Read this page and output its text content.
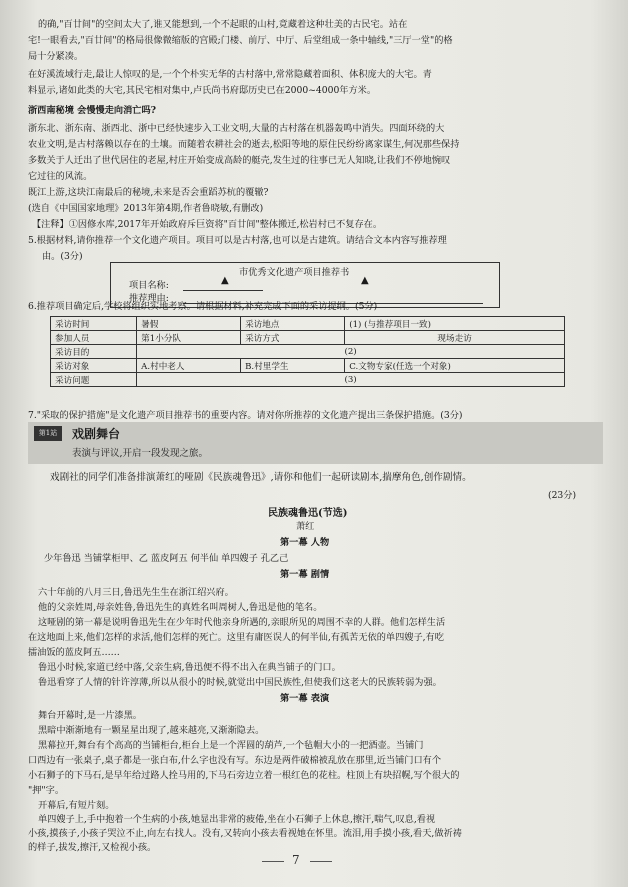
的确,"百廿间"的空间太大了,谁又能想到,一个不起眼的山村,竟藏着这种壮美的古民宅。站在
宅!一眼看去,"百廿间"的格局很像微缩版的宫殿;门楼、前厅、中厅、后堂组成一条中轴线,"三厅一堂"的格
局十分紧凑。
在好溪流域行走,最让人惊叹的是,一个个朴实无华的古村落中,常常隐藏着面积、体积庞大的大宅。青
料显示,诸如此类的大宅,其民宅相对集中,卢氏尚书府邸历史已在2000~4000年方米。
浙西南秘境 会慢慢走向消亡吗?
浙东北、浙东南、浙西北、浙中已经快速步入工业文明,大量的古村落在机器轰鸣中消失。四面环绕的大
农业文明,是古村落赖以存在的土壤。而随着农耕社会的逝去,松阳等地的原住民纷纷离家谋生,何况那些保持
多数关于人迁出了世代居住的老屋,村庄开始变成高龄的艇壳,发生过的往事已无人知晓,让我们不停地惋叹
它过往的风流。
既江上游,这块江南最后的秘境,未来是否会重蹈苏杭的覆辙?
(选自《中国国家地理》2013年第4期,作者鲁晓敏,有删改)
【注释】①因修水库,2017年开始政府斥巨资将"百廿间"整体搬迁,松岩村已不复存在。
5.根据材料,请你推荐一个文化遗产项目。项目可以是古村落,也可以是古建筑。请结合文本内容写推荐理
由。(3分)
市优秀文化遗产项目推荐书
项目名称:
推荐理由:
▲	▲
6.推荐项目确定后,学校将组织实地考察。请根据材料,补充完成下面的采访提纲。(5分)
采访时间	暑假	采访地点	(1) (与推荐项目一致)
参加人员	第1小分队	采访方式	现场走访
采访目的	(2)		
采访对象	A.村中老人	B.村里学生	C.文物专家(任选一个对象)
采访问题	(3)		
7."采取的保护措施"是文化遗产项目推荐书的重要内容。请对你所推荐的文化遗产提出三条保护措施。(3分)
第1站	戏剧舞台
表演与评议,开启一段发现之旅。
戏剧社的同学们准备排演萧红的哑剧《民族魂鲁迅》,请你和他们一起研读剧本,揣摩角色,创作剧情。
(23分)
民族魂鲁迅(节选)
萧红
第一幕 人物
少年鲁迅 当铺掌柜甲、乙 蓝皮阿五 何半仙 单四嫂子 孔乙己
第一幕 剧情
六十年前的八月三日,鲁迅先生生在浙江绍兴府。
他的父亲姓周,母亲姓鲁,鲁迅先生的真姓名叫周树人,鲁迅是他的笔名。
这哑剧的第一幕是说明鲁迅先生在少年时代他亲身所遇的,亲眼所见的周围不幸的人群。他们怎样生活
在这地面上来,他们怎样的求活,他们怎样的死亡。这里有庸医误人的何半仙,有孤苦无依的单四嫂子,有吃
擂油饭的蓝皮阿五……
鲁迅小时候,家道已经中落,父亲生病,鲁迅便不得不出入在典当铺子的门口。
鲁迅看穿了人情的针许淳薄,所以从很小的时候,就觉出中国民族性,但使我们这老大的民族转弱为强。
第一幕 表演
舞台开幕时,是一片漆黑。
黑暗中渐渐地有一颗星星出现了,越来越亮,又渐渐隐去。
黑幕拉开,舞台有个高高的当铺柜台,柜台上是一个浑圆的葫芦,一个毡帽大小的一把酒壶。当铺门
口西边有一张桌子,桌子都是一张白布,什么字也没有写。东边是两件破棉被乱放在那里,近当铺门口有个
小石狮子的下马石,是早年给过路人拴马用的,下马石旁边立着一根红色的花柱。柱顶上有块招幌,写个很大的
"押"字。
开幕后,有短片刻。
单四嫂子上,手中抱着一个生病的小孩,她显出非常的疲倦,坐在小石狮子上休息,擦汗,喘气,叹息,看视
小孩,摸孩子,小孩子哭泣不止,向左右找人。没有,又转向小孩去看视她在怀里。流泪,用手摸小孩,看天,做祈祷
的样子,拔发,擦汗,又检视小孩。
7
